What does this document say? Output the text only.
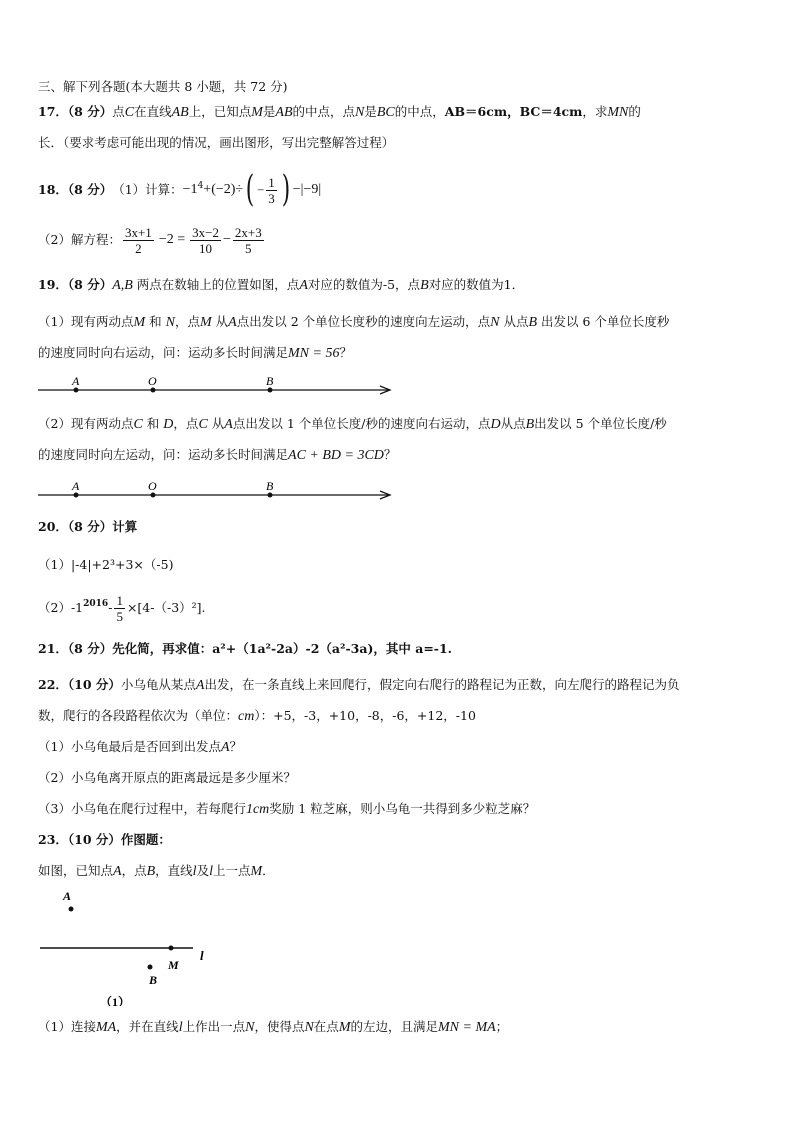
三、解下列各题(本大题共 8 小题，共 72 分)
17．（8 分）点C在直线AB上，已知点M是AB的中点，点N是BC的中点，AB＝6cm，BC＝4cm，求MN的
长．（要求考虑可能出现的情况，画出图形，写出完整解答过程）
18．（8 分） （1）计算： $-1^4 +(-2)\div$ ( − $\frac{1}{3}$ ) −|−9|
（2）解方程： $\frac{3x+1}{2} -2 = \frac{3x-2}{10} - \frac{2x+3}{5}$
19．（8 分）A,B 两点在数轴上的位置如图，点A对应的数值为-5，点B对应的数值为1．
（1）现有两动点M 和 N，点M 从A点出发以 2 个单位长度秒的速度向左运动，点N 从点B 出发以 6 个单位长度秒
的速度同时向右运动，问：运动多长时间满足MN = 56？
A	O	B
（2）现有两动点C 和 D，点C 从A点出发以 1 个单位长度/秒的速度向右运动，点D从点B出发以 5 个单位长度/秒
的速度同时向左运动，问：运动多长时间满足AC + BD = 3CD？
A	O	B
20．（8 分）计算
（1）|-4|+2³+3×（-5)
$(2)-1^{2016} - \frac{1}{5} \times[4-(-3)^2]$.
21．（8 分）先化简，再求值：a²+（1a²-2a）-2（a²-3a)，其中 a=-1.
22．（10 分）小乌龟从某点A出发，在一条直线上来回爬行，假定向右爬行的路程记为正数，向左爬行的路程记为负
数，爬行的各段路程依次为（单位：cm）：+5，-3，+10，-8，-6，+12，-10
（1）小乌龟最后是否回到出发点A？
（2）小乌龟离开原点的距离最远是多少厘米？
（3）小乌龟在爬行过程中，若每爬行1cm奖励 1 粒芝麻，则小乌龟一共得到多少粒芝麻？
23．（10 分）作图题：
如图，已知点A，点B，直线l及l上一点M．
A
M
l
B
（1）
（1）连接MA，并在直线l上作出一点N，使得点N在点M的左边，且满足MN = MA；
